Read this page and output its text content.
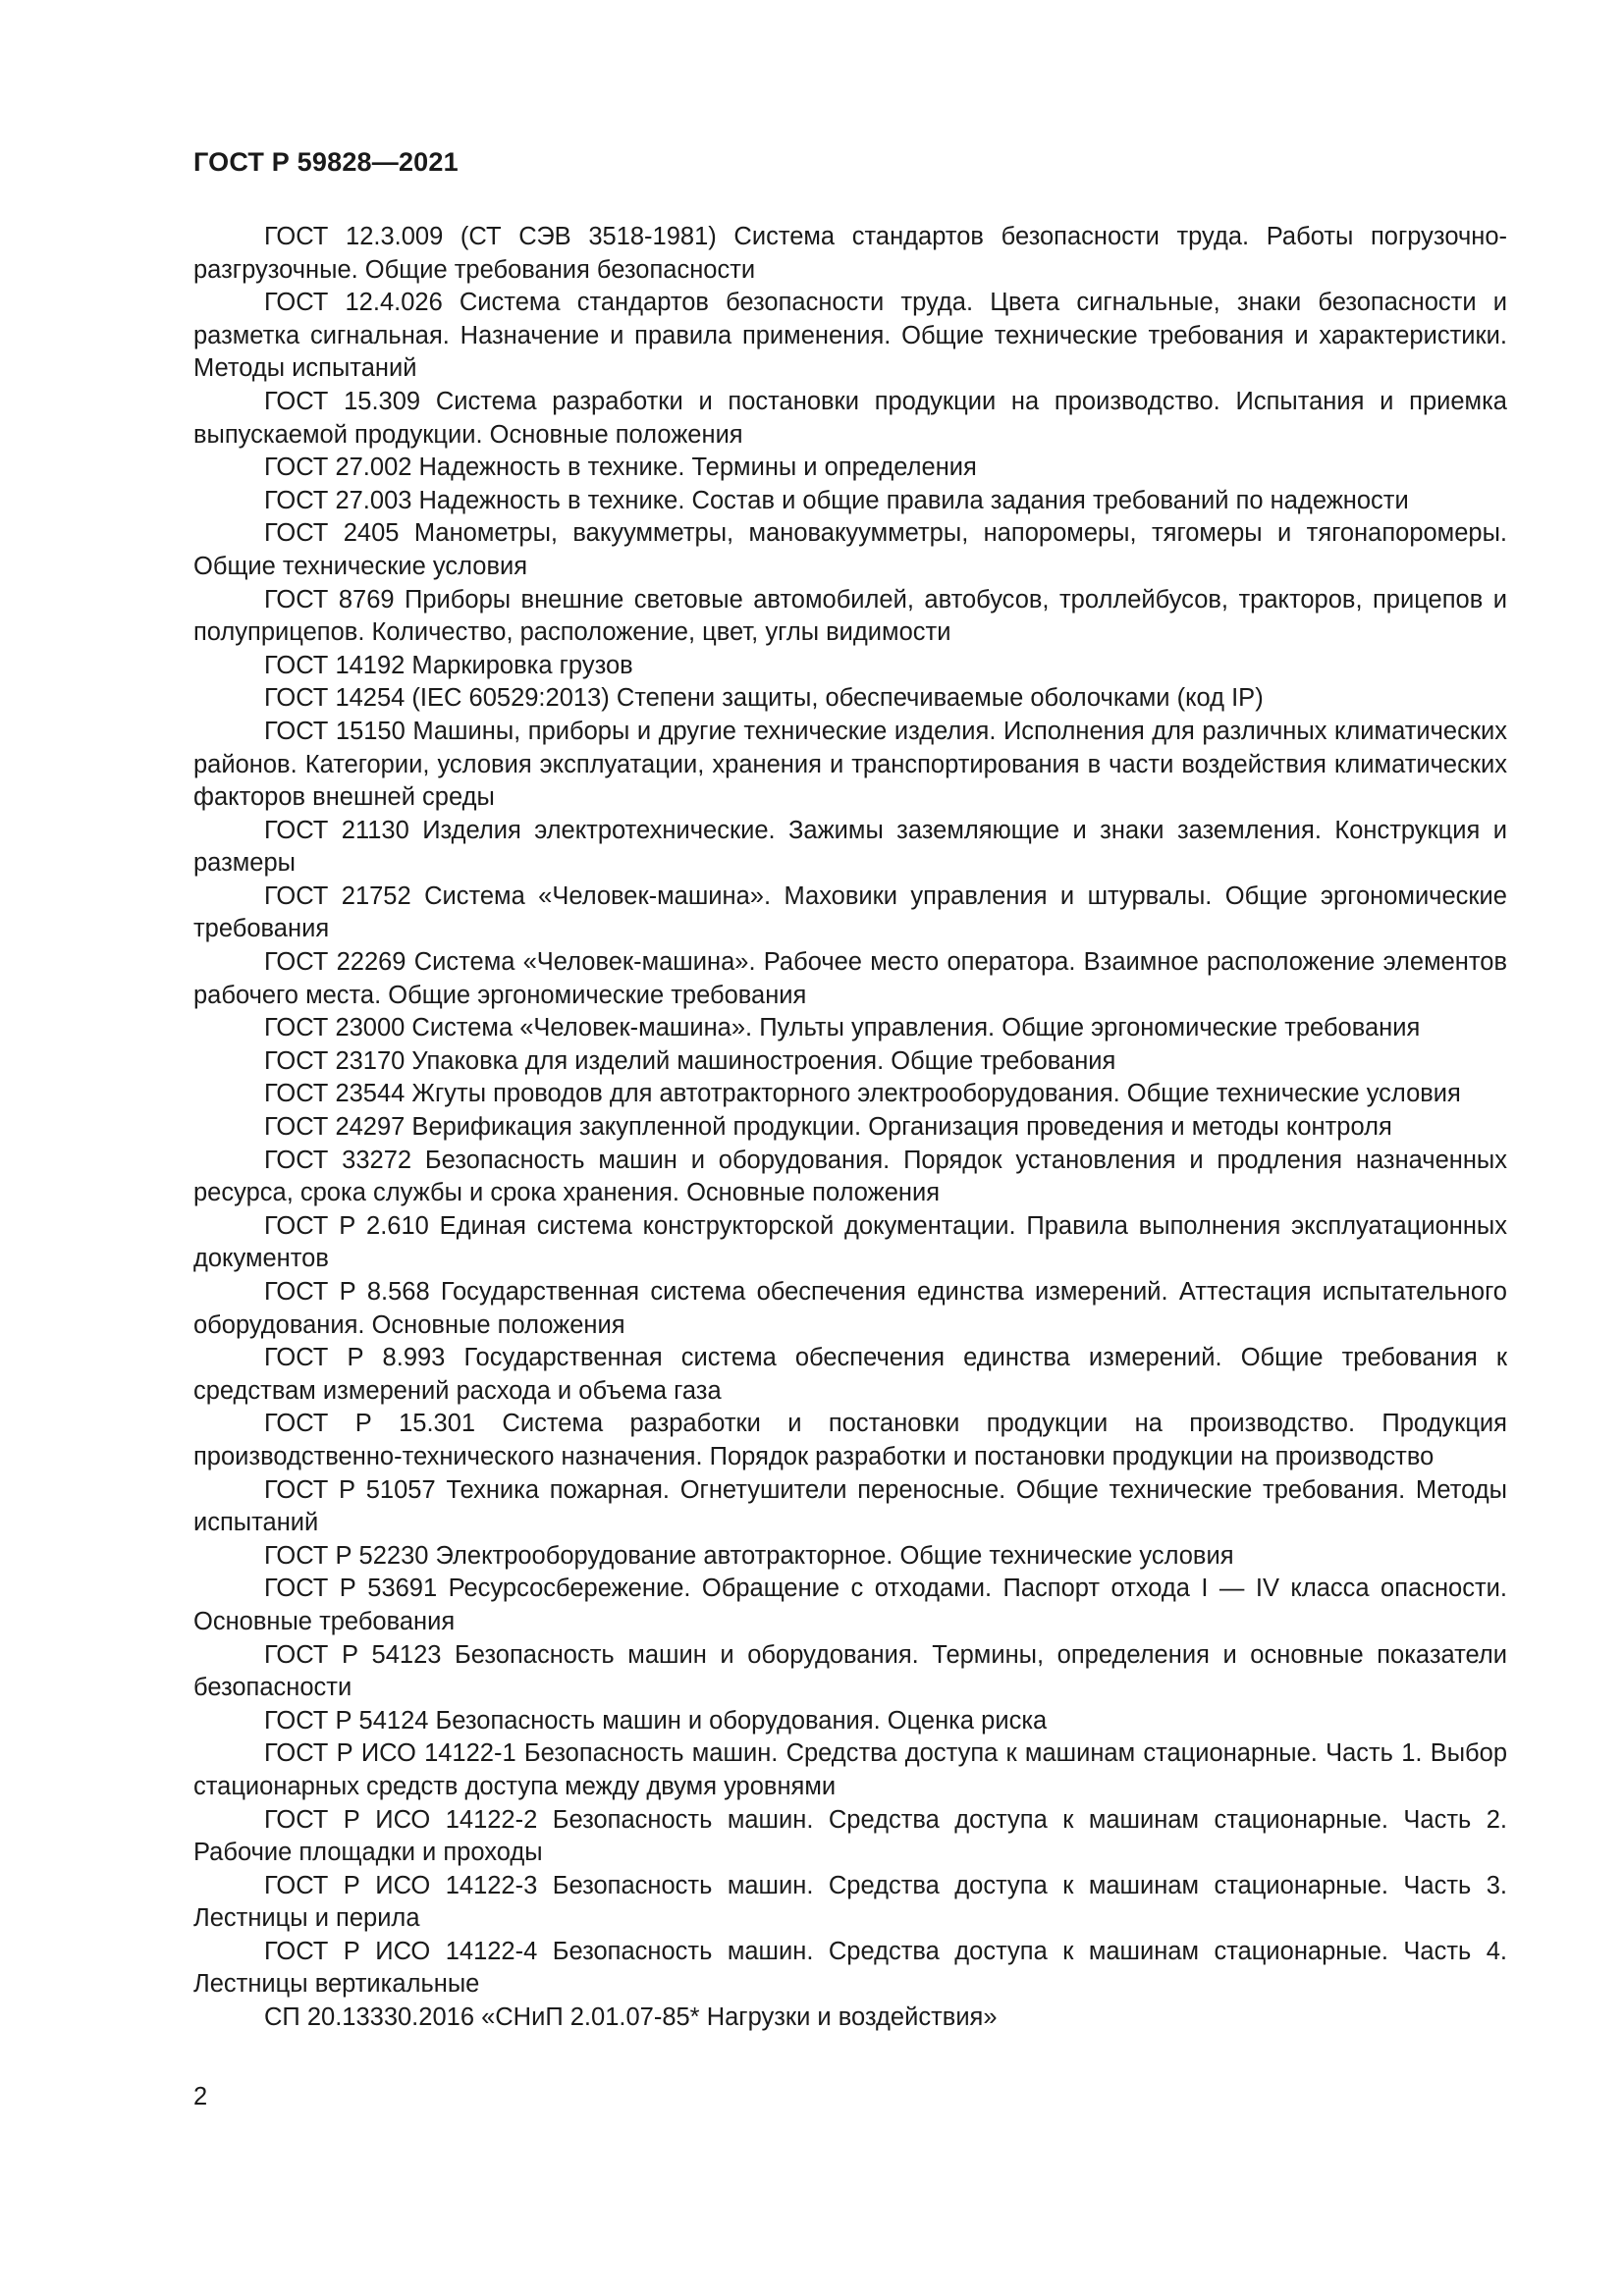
ГОСТ Р 59828—2021
ГОСТ 12.3.009 (СТ СЭВ 3518-1981) Система стандартов безопасности труда. Работы погрузочно-разгрузочные. Общие требования безопасности
ГОСТ 12.4.026 Система стандартов безопасности труда. Цвета сигнальные, знаки безопасности и разметка сигнальная. Назначение и правила применения. Общие технические требования и характеристики. Методы испытаний
ГОСТ 15.309 Система разработки и постановки продукции на производство. Испытания и приемка выпускаемой продукции. Основные положения
ГОСТ 27.002 Надежность в технике. Термины и определения
ГОСТ 27.003 Надежность в технике. Состав и общие правила задания требований по надежности
ГОСТ 2405 Манометры, вакуумметры, мановакуумметры, напоромеры, тягомеры и тягонапоромеры. Общие технические условия
ГОСТ 8769 Приборы внешние световые автомобилей, автобусов, троллейбусов, тракторов, прицепов и полуприцепов. Количество, расположение, цвет, углы видимости
ГОСТ 14192 Маркировка грузов
ГОСТ 14254 (IEC 60529:2013) Степени защиты, обеспечиваемые оболочками (код IP)
ГОСТ 15150 Машины, приборы и другие технические изделия. Исполнения для различных климатических районов. Категории, условия эксплуатации, хранения и транспортирования в части воздействия климатических факторов внешней среды
ГОСТ 21130 Изделия электротехнические. Зажимы заземляющие и знаки заземления. Конструкция и размеры
ГОСТ 21752 Система «Человек-машина». Маховики управления и штурвалы. Общие эргономические требования
ГОСТ 22269 Система «Человек-машина». Рабочее место оператора. Взаимное расположение элементов рабочего места. Общие эргономические требования
ГОСТ 23000 Система «Человек-машина». Пульты управления. Общие эргономические требования
ГОСТ 23170 Упаковка для изделий машиностроения. Общие требования
ГОСТ 23544 Жгуты проводов для автотракторного электрооборудования. Общие технические условия
ГОСТ 24297 Верификация закупленной продукции. Организация проведения и методы контроля
ГОСТ 33272 Безопасность машин и оборудования. Порядок установления и продления назначенных ресурса, срока службы и срока хранения. Основные положения
ГОСТ Р 2.610 Единая система конструкторской документации. Правила выполнения эксплуатационных документов
ГОСТ Р 8.568 Государственная система обеспечения единства измерений. Аттестация испытательного оборудования. Основные положения
ГОСТ Р 8.993 Государственная система обеспечения единства измерений. Общие требования к средствам измерений расхода и объема газа
ГОСТ Р 15.301 Система разработки и постановки продукции на производство. Продукция производственно-технического назначения. Порядок разработки и постановки продукции на производство
ГОСТ Р 51057 Техника пожарная. Огнетушители переносные. Общие технические требования. Методы испытаний
ГОСТ Р 52230 Электрооборудование автотракторное. Общие технические условия
ГОСТ Р 53691 Ресурсосбережение. Обращение с отходами. Паспорт отхода I — IV класса опасности. Основные требования
ГОСТ Р 54123 Безопасность машин и оборудования. Термины, определения и основные показатели безопасности
ГОСТ Р 54124 Безопасность машин и оборудования. Оценка риска
ГОСТ Р ИСО 14122-1 Безопасность машин. Средства доступа к машинам стационарные. Часть 1. Выбор стационарных средств доступа между двумя уровнями
ГОСТ Р ИСО 14122-2 Безопасность машин. Средства доступа к машинам стационарные. Часть 2. Рабочие площадки и проходы
ГОСТ Р ИСО 14122-3 Безопасность машин. Средства доступа к машинам стационарные. Часть 3. Лестницы и перила
ГОСТ Р ИСО 14122-4 Безопасность машин. Средства доступа к машинам стационарные. Часть 4. Лестницы вертикальные
СП 20.13330.2016 «СНиП 2.01.07-85* Нагрузки и воздействия»
2
